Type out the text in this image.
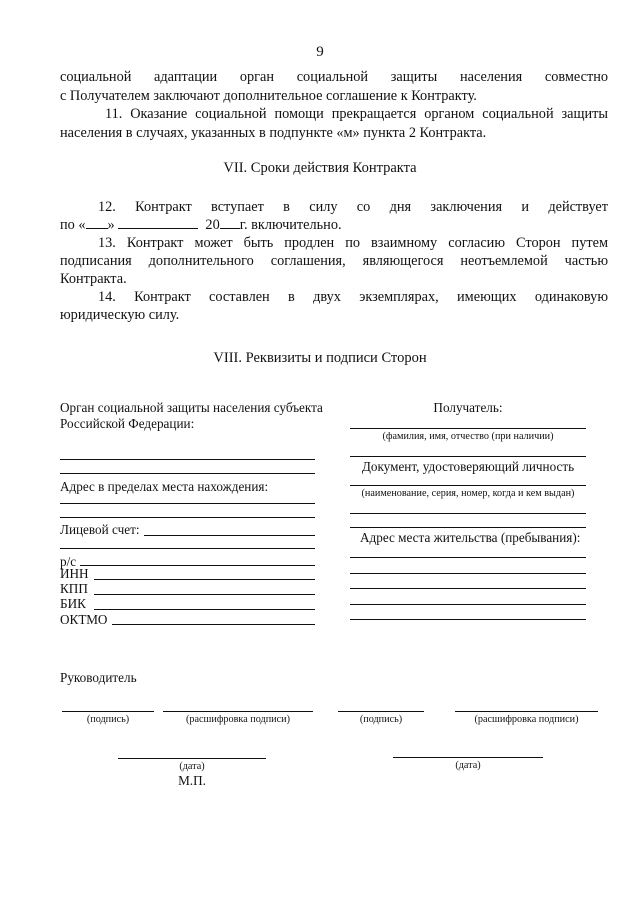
9
социальной адаптации орган социальной защиты населения совместно
с Получателем заключают дополнительное соглашение к Контракту.
11. Оказание социальной помощи прекращается органом социальной защиты
населения в случаях, указанных в подпункте «м» пункта 2 Контракта.
VII. Сроки действия Контракта
12. Контракт вступает в силу со дня заключения и действует
по « »	20 г. включительно.
13. Контракт может быть продлен по взаимному согласию Сторон путем
подписания дополнительного соглашения, являющегося неотъемлемой частью
Контракта.
14. Контракт составлен в двух экземплярах, имеющих одинаковую
юридическую силу.
VIII. Реквизиты и подписи Сторон
Орган социальной защиты населения субъекта
Российской Федерации:
Адрес в пределах места нахождения:
Лицевой счет:
р/с
ИНН
КПП
БИК
ОКТМО
Получатель:
(фамилия, имя, отчество (при наличии)
Документ, удостоверяющий личность
(наименование, серия, номер, когда и кем выдан)
Адрес места жительства (пребывания):
Руководитель
(подпись)	(расшифровка подписи)	(подпись)	(расшифровка подписи)
(дата)
М.П.
(дата)
